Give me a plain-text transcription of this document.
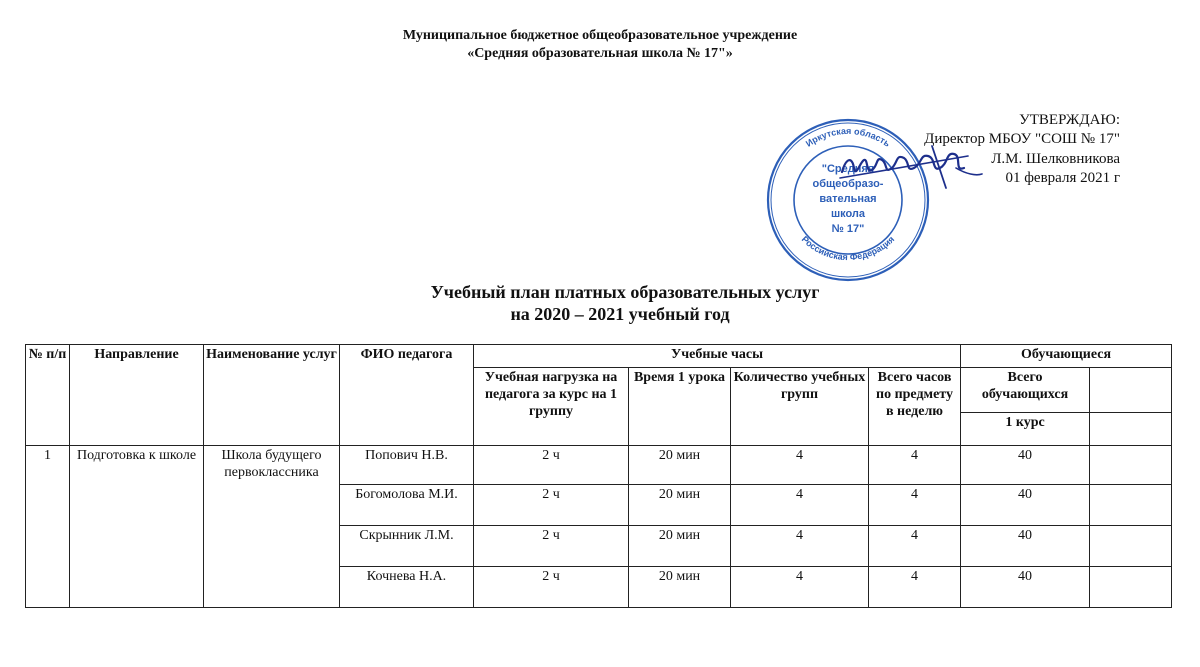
Муниципальное бюджетное общеобразовательное учреждение
«Средняя образовательная школа № 17"»
Иркутская область
Российская Федерация
"Средняя
общеобразо-
вательная
школа
№ 17"
УТВЕРЖДАЮ:
Директор МБОУ "СОШ № 17"
Л.М. Шелковникова
01 февраля 2021 г
Учебный план платных образовательных услуг
на 2020 – 2021 учебный год
№ п/п	Направление	Наименование услуг	ФИО педагога	Учебные часы				Обучающиеся	
				Учебная нагрузка на педагога за курс на 1 группу	Время 1 урока	Количество учебных групп	Всего часов по предмету в неделю	Всего обучающихся	
								1 курс	
1	Подготовка к школе	Школа будущего первоклассника	Попович Н.В.	2 ч	20 мин	4	4	40	
			Богомолова М.И.	2 ч	20 мин	4	4	40	
			Скрынник Л.М.	2 ч	20 мин	4	4	40	
			Кочнева Н.А.	2 ч	20 мин	4	4	40	
